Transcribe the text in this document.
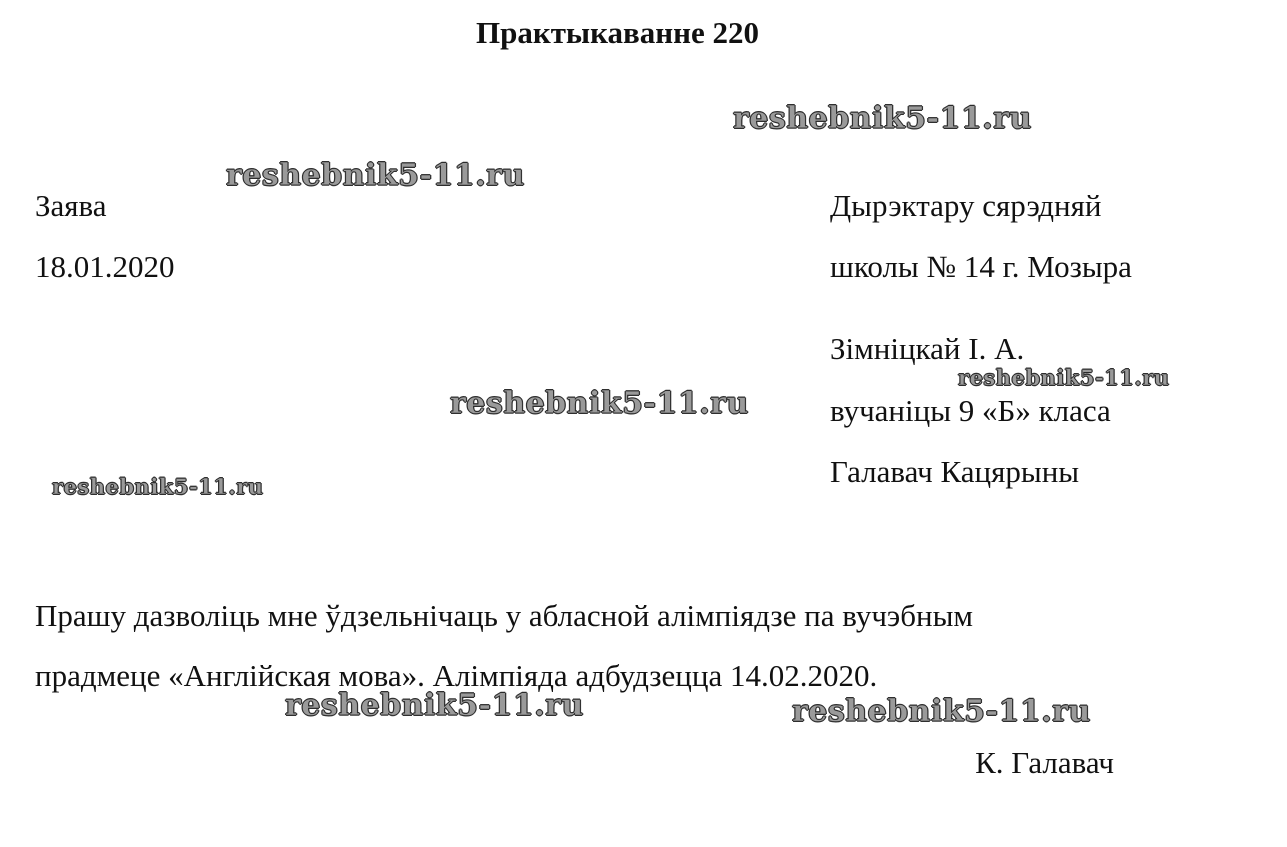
Практыкаванне 220
Заява
18.01.2020
Дырэктару сярэдняй
школы № 14 г. Мозыра
Зімніцкай І. А.
вучаніцы 9 «Б» класа
Галавач Кацярыны
Прашу дазволіць мне ўдзельнічаць у абласной алімпіядзе па вучэбным
прадмеце «Англійская мова». Алімпіяда адбудзецца 14.02.2020.
К. Галавач
reshebnik5-11.ru
reshebnik5-11.ru
reshebnik5-11.ru
reshebnik5-11.ru
reshebnik5-11.ru
reshebnik5-11.ru	reshebnik5-11.ru
